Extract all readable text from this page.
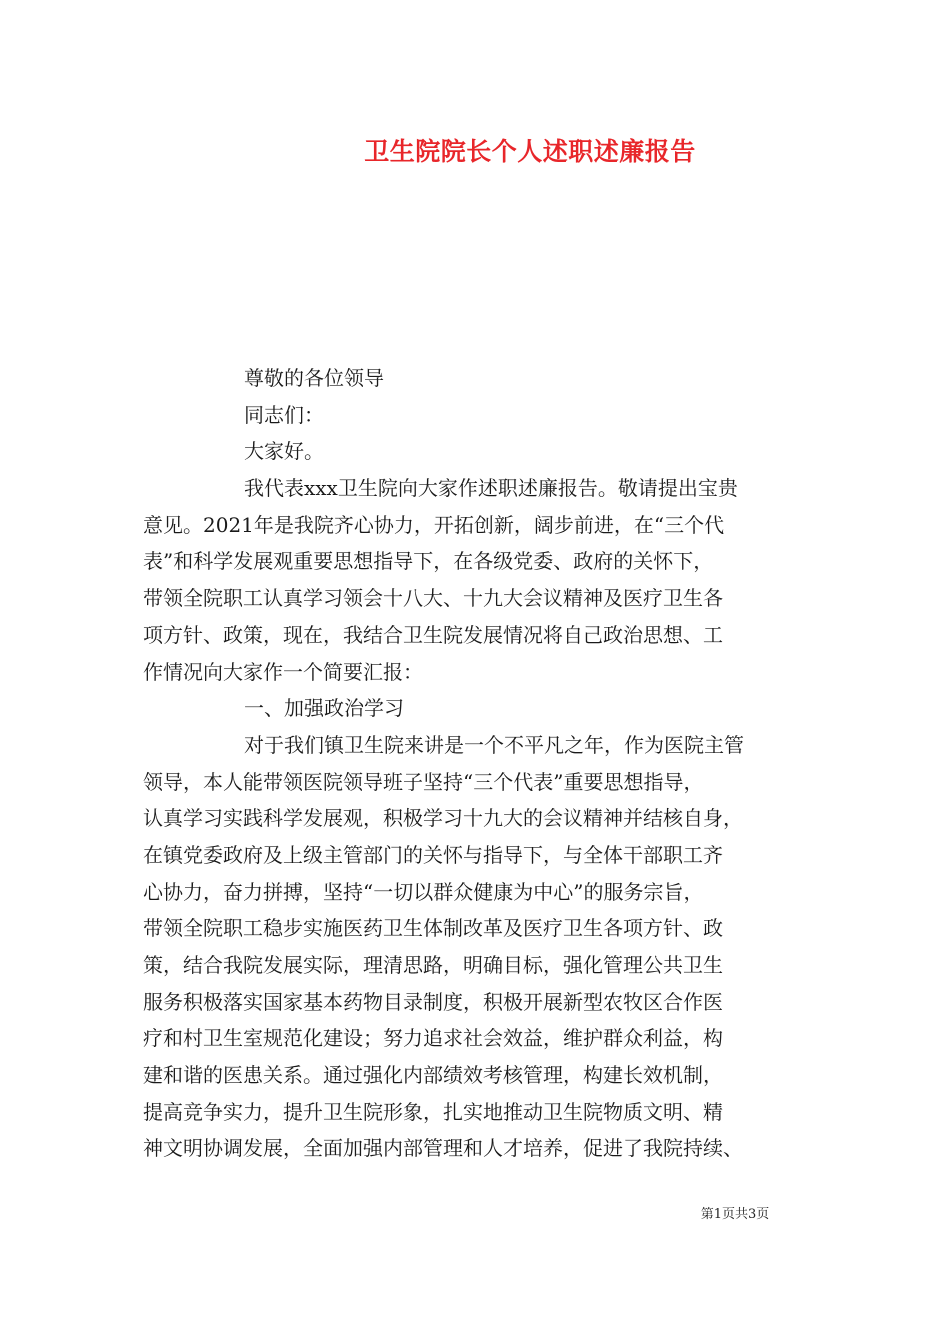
卫生院院长个人述职述廉报告
尊敬的各位领导
同志们：
大家好。
我代表xxx卫生院向大家作述职述廉报告。敬请提出宝贵
意见。2021年是我院齐心协力，开拓创新，阔步前进，在“三个代
表”和科学发展观重要思想指导下，在各级党委、政府的关怀下，
带领全院职工认真学习领会十八大、十九大会议精神及医疗卫生各
项方针、政策，现在，我结合卫生院发展情况将自己政治思想、工
作情况向大家作一个简要汇报：
一、加强政治学习
对于我们镇卫生院来讲是一个不平凡之年，作为医院主管
领导，本人能带领医院领导班子坚持“三个代表”重要思想指导，
认真学习实践科学发展观，积极学习十九大的会议精神并结核自身，
在镇党委政府及上级主管部门的关怀与指导下，与全体干部职工齐
心协力，奋力拼搏，坚持“一切以群众健康为中心”的服务宗旨，
带领全院职工稳步实施医药卫生体制改革及医疗卫生各项方针、政
策，结合我院发展实际，理清思路，明确目标，强化管理公共卫生
服务积极落实国家基本药物目录制度，积极开展新型农牧区合作医
疗和村卫生室规范化建设；努力追求社会效益，维护群众利益，构
建和谐的医患关系。通过强化内部绩效考核管理，构建长效机制，
提高竞争实力，提升卫生院形象，扎实地推动卫生院物质文明、精
神文明协调发展，全面加强内部管理和人才培养，促进了我院持续、
第1页共3页
